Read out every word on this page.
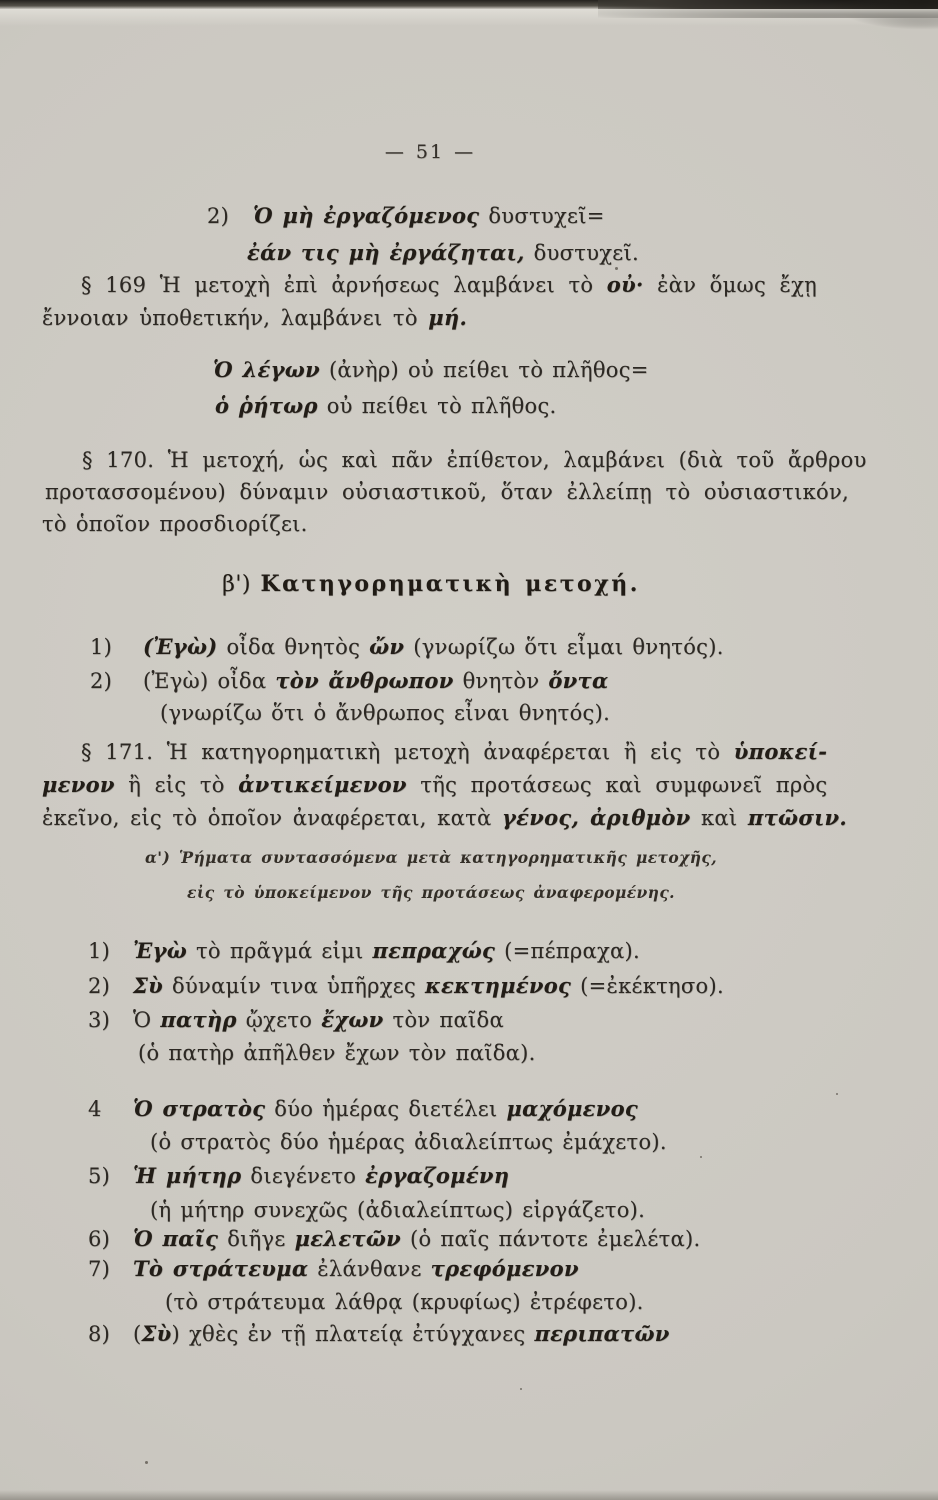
— 51 —
2) Ὁ μὴ ἐργαζόμενος δυστυχεῖ=
ἐάν τις μὴ ἐργάζηται, δυστυχεῖ.
§ 169 Ἡ μετοχὴ ἐπὶ ἀρνήσεως λαμβάνει τὸ οὐ· ἐὰν ὅμως ἔχῃ
ἔννοιαν ὑποθετικήν, λαμβάνει τὸ μή.
Ὁ λέγων (ἀνὴρ) οὐ πείθει τὸ πλῆθος=
ὁ ῥήτωρ οὐ πείθει τὸ πλῆθος.
§ 170. Ἡ μετοχή, ὡς καὶ πᾶν ἐπίθετον, λαμβάνει (διὰ τοῦ ἄρθρου
προτασσομένου) δύναμιν οὐσιαστικοῦ, ὅταν ἐλλείπῃ τὸ οὐσιαστικόν,
τὸ ὁποῖον προσδιορίζει.
β') Κατηγορηματικὴ μετοχή.
1) (Ἐγὼ) οἶδα θνητὸς ὤν (γνωρίζω ὅτι εἶμαι θνητός).
2) (Ἐγὼ) οἶδα τὸν ἄνθρωπον θνητὸν ὄντα
(γνωρίζω ὅτι ὁ ἄνθρωπος εἶναι θνητός).
§ 171. Ἡ κατηγορηματικὴ μετοχὴ ἀναφέρεται ἢ εἰς τὸ ὑποκεί-
μενον ἢ εἰς τὸ ἀντικείμενον τῆς προτάσεως καὶ συμφωνεῖ πρὸς
ἐκεῖνο, εἰς τὸ ὁποῖον ἀναφέρεται, κατὰ γένος, ἀριθμὸν καὶ πτῶσιν.
α') Ῥήματα συντασσόμενα μετὰ κατηγορηματικῆς μετοχῆς,
εἰς τὸ ὑποκείμενον τῆς προτάσεως ἀναφερομένης.
1) Ἐγὼ τὸ πρᾶγμά εἰμι πεπραχώς (=πέπραχα).
2) Σὺ δύναμίν τινα ὑπῆρχες κεκτημένος (=ἐκέκτησο).
3) Ὁ πατὴρ ᾤχετο ἔχων τὸν παῖδα
(ὁ πατὴρ ἀπῆλθεν ἔχων τὸν παῖδα).
4 Ὁ στρατὸς δύο ἡμέρας διετέλει μαχόμενος
(ὁ στρατὸς δύο ἡμέρας ἀδιαλείπτως ἐμάχετο).
5) Ἡ μήτηρ διεγένετο ἐργαζομένη
(ἡ μήτηρ συνεχῶς (ἀδιαλείπτως) εἰργάζετο).
6) Ὁ παῖς διῆγε μελετῶν (ὁ παῖς πάντοτε ἐμελέτα).
7) Τὸ στράτευμα ἐλάνθανε τρεφόμενον
(τὸ στράτευμα λάθρᾳ (κρυφίως) ἐτρέφετο).
8) (Σὺ) χθὲς ἐν τῇ πλατείᾳ ἐτύγχανες περιπατῶν
